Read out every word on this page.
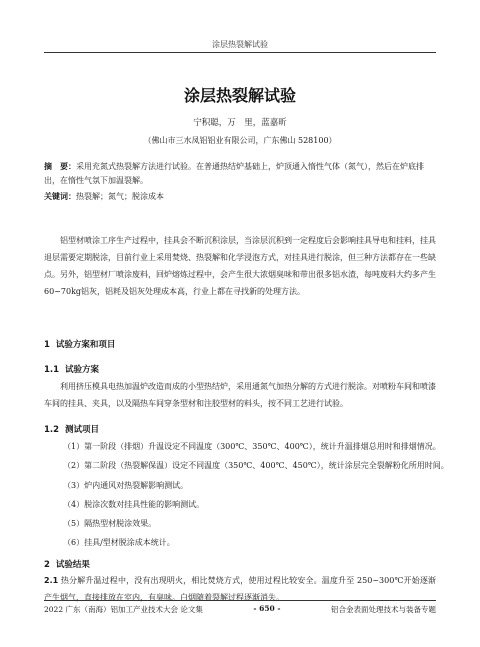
涂层热裂解试验
涂层热裂解试验
宁积聪，万　里，蓝嘉昕
（佛山市三水凤铝铝业有限公司，广东佛山 528100）
摘　要：采用充氮式热裂解方法进行试验。在普通热结炉基础上，炉顶通入惰性气体（氮气），然后在炉底排出，在惰性气氛下加温裂解。
关键词：热裂解；氮气；脱涂成本
铝型材喷涂工序生产过程中，挂具会不断沉积涂层，当涂层沉积到一定程度后会影响挂具导电和挂料，挂具退层需要定期脱涂，目前行业上采用焚烧、热裂解和化学浸泡方式，对挂具进行脱涂，但三种方法都存在一些缺点。另外，铝型材厂喷涂废料，回炉熔炼过程中，会产生很大浓烟臭味和带出很多铝水渣，每吨废料大约多产生60~70kg铝灰，铝耗及铝灰处理成本高，行业上都在寻找新的处理方法。
1 试验方案和项目
1.1 试验方案
利用挤压模具电热加温炉改造而成的小型热结炉，采用通氮气加热分解的方式进行脱涂。对喷粉车间和喷漆车间的挂具、夹具，以及隔热车间穿条型材和注胶型材的料头，按不同工艺进行试验。
1.2 测试项目
（1）第一阶段（排烟）升温设定不同温度（300℃、350℃、400℃），统计升温排烟总用时和排烟情况。
（2）第二阶段（热裂解保温）设定不同温度（350℃、400℃、450℃），统计涂层完全裂解粉化所用时间。
（3）炉内通风对热裂解影响测试。
（4）脱涂次数对挂具性能的影响测试。
（5）隔热型材脱涂效果。
（6）挂具/型材脱涂成本统计。
2 试验结果
2.1 热分解升温过程中，没有出现明火，相比焚烧方式，使用过程比较安全。温度升至 250~300℃开始逐渐产生烟气，直接排放在室内，有臭味。白烟随着裂解过程逐渐消失。
2022 广东（南海）铝加工产业技术大会 论文集	- 650 -	铝合金表面处理技术与装备专题
